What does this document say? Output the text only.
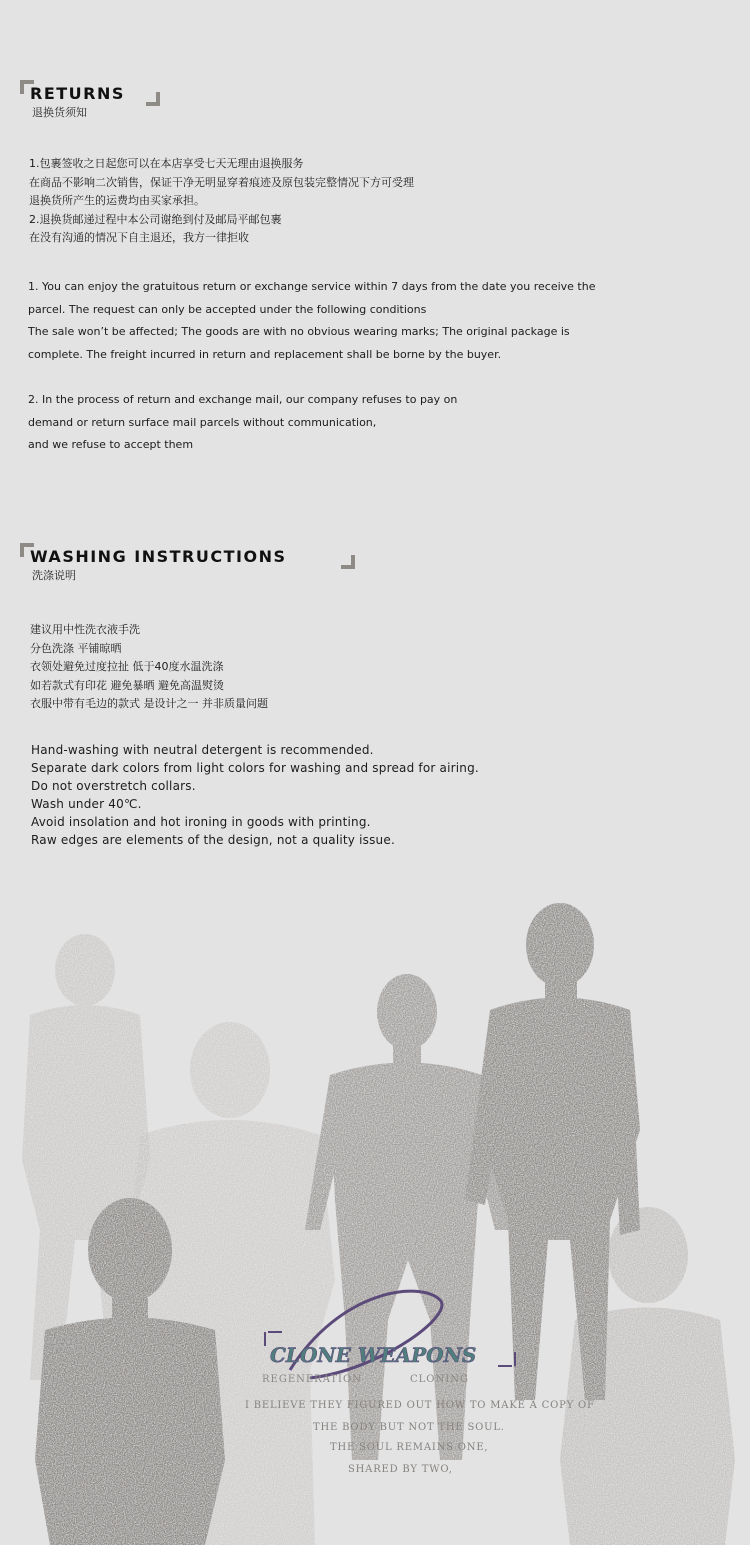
RETURNS
退换货须知
1.包裹签收之日起您可以在本店享受七天无理由退换服务
在商品不影响二次销售，保证干净无明显穿着痕迹及原包装完整情况下方可受理
退换货所产生的运费均由买家承担。
2.退换货邮递过程中本公司谢绝到付及邮局平邮包裹
在没有沟通的情况下自主退还，我方一律拒收
1. You can enjoy the gratuitous return or exchange service within 7 days from the date you receive the
parcel. The request can only be accepted under the following conditions
The sale won’t be affected; The goods are with no obvious wearing marks; The original package is
complete. The freight incurred in return and replacement shall be borne by the buyer.
2. In the process of return and exchange mail, our company refuses to pay on
demand or return surface mail parcels without communication,
and we refuse to accept them
WASHING INSTRUCTIONS
洗涤说明
建议用中性洗衣液手洗
分色洗涤 平铺晾晒
衣领处避免过度拉扯 低于40度水温洗涤
如若款式有印花 避免暴晒 避免高温熨烫
衣服中带有毛边的款式 是设计之一 并非质量问题
Hand-washing with neutral detergent is recommended.
Separate dark colors from light colors for washing and spread for airing.
Do not overstretch collars.
Wash under 40℃.
Avoid insolation and hot ironing in goods with printing.
Raw edges are elements of the design, not a quality issue.
CLONE WEAPONS
REGENERATION	CLONING
I BELIEVE THEY FIGURED OUT HOW TO MAKE A COPY OF
THE BODY BUT NOT THE SOUL.
THE SOUL REMAINS ONE,
SHARED BY TWO,
